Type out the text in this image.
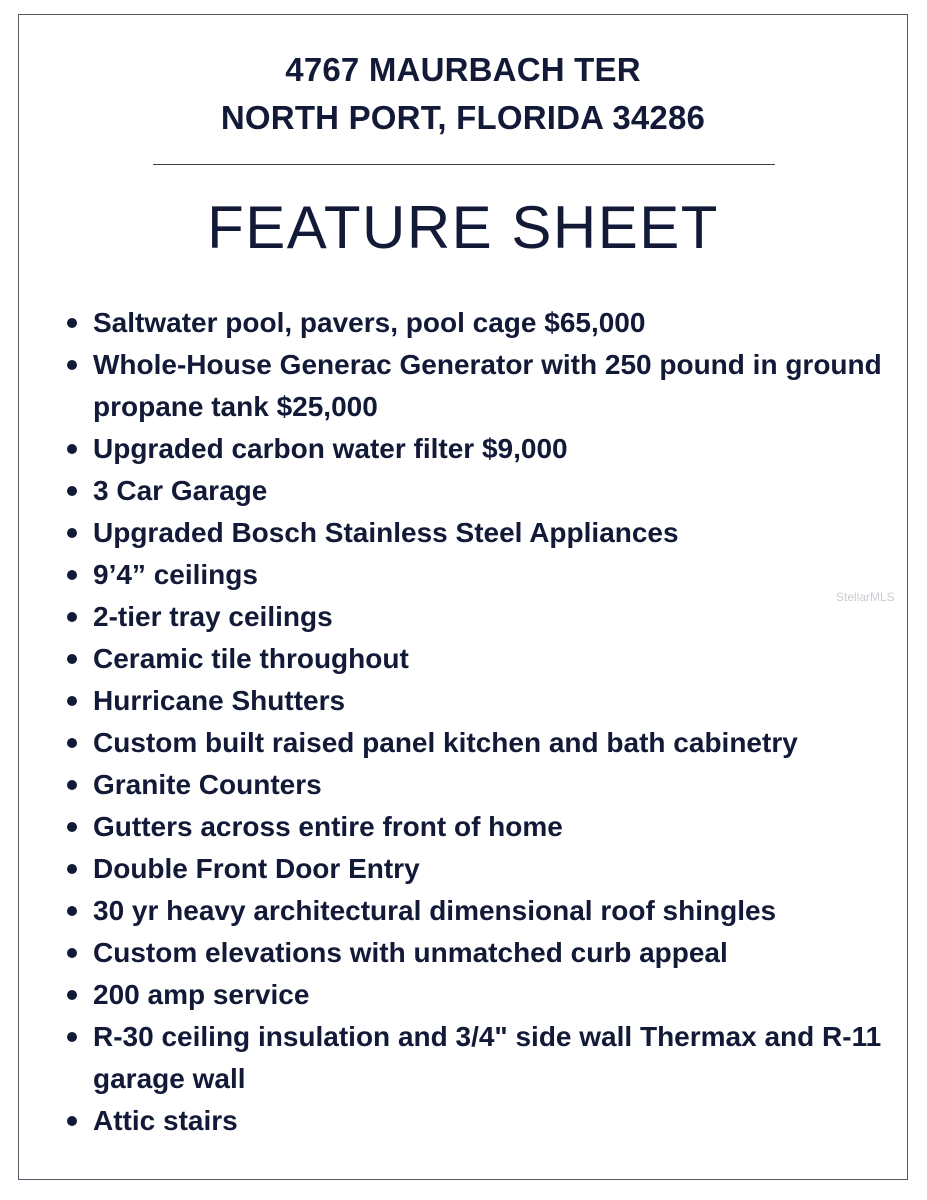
4767 MAURBACH TER
NORTH PORT, FLORIDA 34286
FEATURE SHEET
Saltwater pool, pavers, pool cage $65,000
Whole-House Generac Generator with 250 pound in ground propane tank $25,000
Upgraded carbon water filter $9,000
3 Car Garage
Upgraded Bosch Stainless Steel Appliances
9’4” ceilings
2-tier tray ceilings
Ceramic tile throughout
Hurricane Shutters
Custom built raised panel kitchen and bath cabinetry
Granite Counters
Gutters across entire front of home
Double Front Door Entry
30 yr heavy architectural dimensional roof shingles
Custom elevations with unmatched curb appeal
200 amp service
R-30 ceiling insulation and 3/4" side wall Thermax and R-11 garage wall
Attic stairs
StellarMLS
